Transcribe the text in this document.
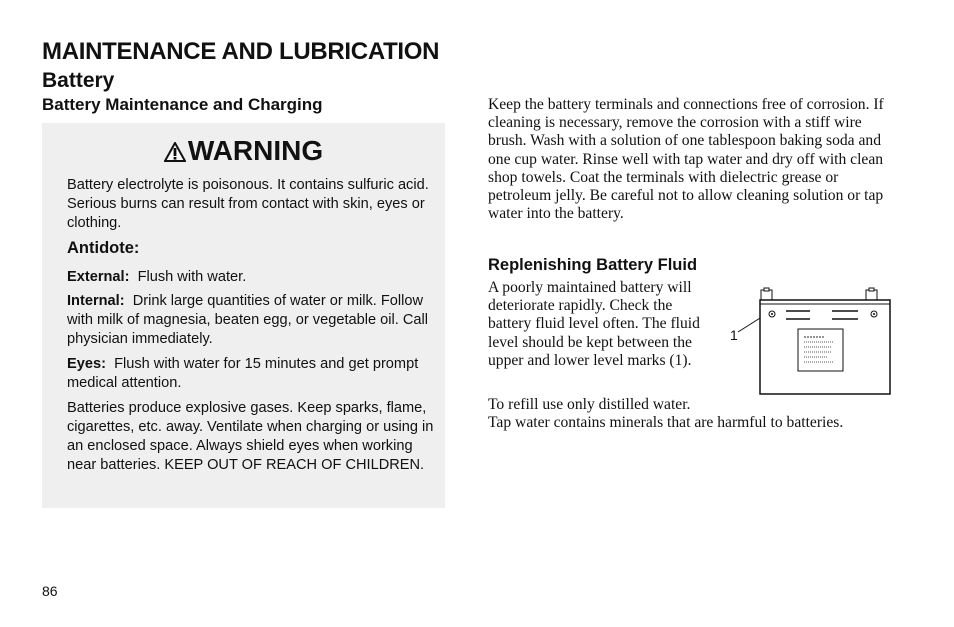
MAINTENANCE AND LUBRICATION
Battery
Battery Maintenance and Charging
WARNING

Battery electrolyte is poisonous. It contains sulfuric acid. Serious burns can result from contact with skin, eyes or clothing.

Antidote:

External: Flush with water.

Internal: Drink large quantities of water or milk. Follow with milk of magnesia, beaten egg, or vegetable oil. Call physician immediately.

Eyes: Flush with water for 15 minutes and get prompt medical attention.

Batteries produce explosive gases. Keep sparks, flame, cigarettes, etc. away. Ventilate when charging or using in an enclosed space. Always shield eyes when working near batteries. KEEP OUT OF REACH OF CHILDREN.

Keep the battery terminals and connections free of corrosion. If cleaning is necessary, remove the corrosion with a stiff wire brush. Wash with a solution of one tablespoon baking soda and one cup water. Rinse well with tap water and dry off with clean shop towels. Coat the terminals with dielectric grease or petroleum jelly. Be careful not to allow cleaning solution or tap water into the battery.

Replenishing Battery Fluid

A poorly maintained battery will deteriorate rapidly. Check the battery fluid level often. The fluid level should be kept between the upper and lower level marks (1).

To refill use only distilled water.

Tap water contains minerals that are harmful to batteries.

1
86
